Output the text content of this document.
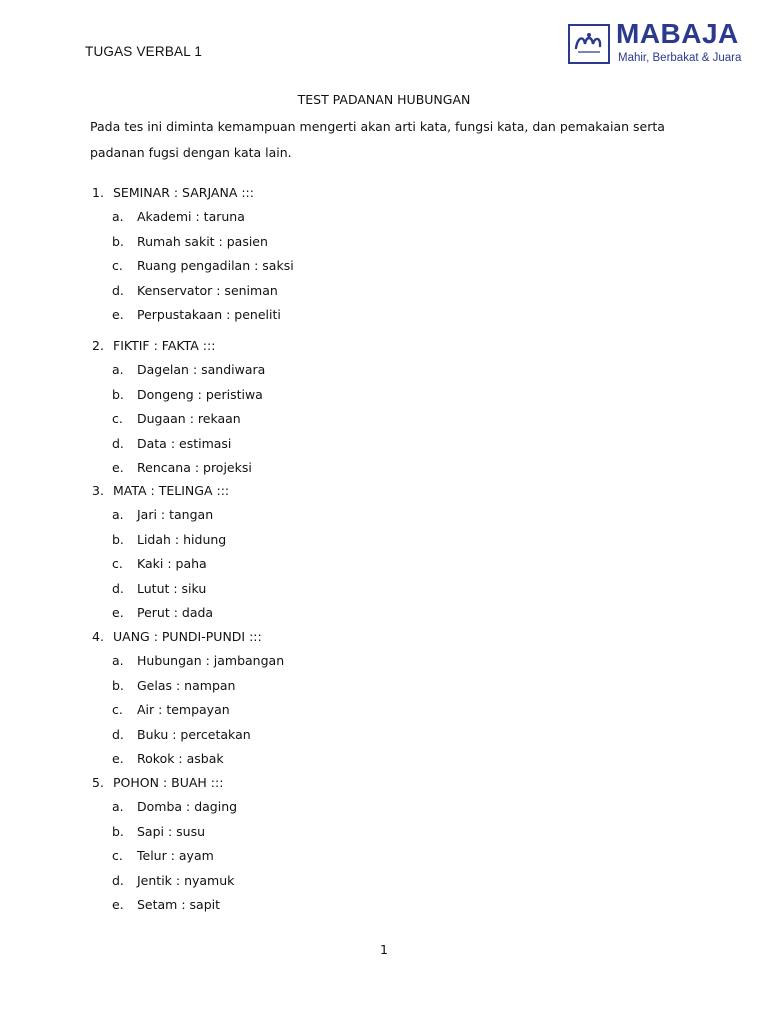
TUGAS VERBAL 1
MABAJA
Mahir, Berbakat & Juara
TEST PADANAN HUBUNGAN
Pada tes ini diminta kemampuan mengerti akan arti kata, fungsi kata, dan pemakaian serta padanan fugsi dengan kata lain.
1. SEMINAR : SARJANA :::
a.	Akademi : taruna
b.	Rumah sakit : pasien
c.	Ruang pengadilan : saksi
d.	Kenservator : seniman
e.	Perpustakaan : peneliti
2. FIKTIF : FAKTA :::
a.	Dagelan : sandiwara
b.	Dongeng : peristiwa
c.	Dugaan : rekaan
d.	Data : estimasi
e.	Rencana : projeksi
3. MATA : TELINGA :::
a.	Jari : tangan
b.	Lidah : hidung
c.	Kaki : paha
d.	Lutut : siku
e.	Perut : dada
4. UANG : PUNDI-PUNDI :::
a.	Hubungan : jambangan
b.	Gelas : nampan
c.	Air : tempayan
d.	Buku : percetakan
e.	Rokok : asbak
5. POHON : BUAH :::
a.	Domba : daging
b.	Sapi : susu
c.	Telur : ayam
d.	Jentik : nyamuk
e.	Setam : sapit
1
